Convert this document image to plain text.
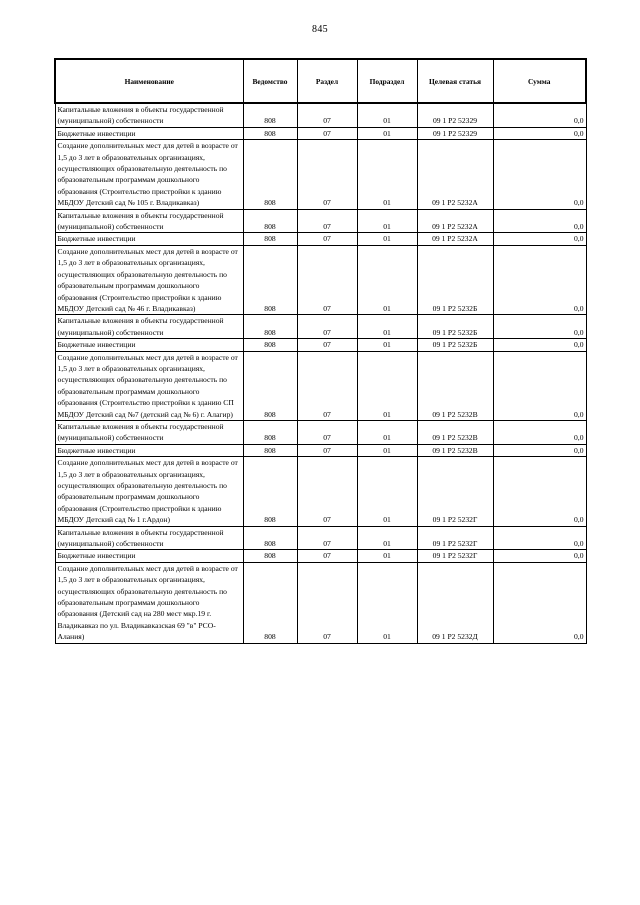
845
Наименование	Ведомство	Раздел	Подраздел	Целевая статья	Сумма
Капитальные вложения в объекты государственной (муниципальной) собственности	808	07	01	09 1 P2 52329	0,0
Бюджетные инвестиции	808	07	01	09 1 P2 52329	0,0
Создание дополнительных мест для детей в возрасте от 1,5 до 3 лет в образовательных организациях, осуществляющих образовательную деятельность по образовательным программам дошкольного образования (Строительство пристройки к зданию МБДОУ Детский сад № 105 г. Владикавказ)	808	07	01	09 1 P2 5232А	0,0
Капитальные вложения в объекты государственной (муниципальной) собственности	808	07	01	09 1 P2 5232А	0,0
Бюджетные инвестиции	808	07	01	09 1 P2 5232А	0,0
Создание дополнительных мест для детей в возрасте от 1,5 до 3 лет в образовательных организациях, осуществляющих образовательную деятельность по образовательным программам дошкольного образования (Строительство пристройки к зданию МБДОУ Детский сад № 46 г. Владикавказ)	808	07	01	09 1 P2 5232Б	0,0
Капитальные вложения в объекты государственной (муниципальной) собственности	808	07	01	09 1 P2 5232Б	0,0
Бюджетные инвестиции	808	07	01	09 1 P2 5232Б	0,0
Создание дополнительных мест для детей в возрасте от 1,5 до 3 лет в образовательных организациях, осуществляющих образовательную деятельность по образовательным программам дошкольного образования (Строительство пристройки к зданию СП МБДОУ Детский сад №7 (детский сад № 6) г. Алагир)	808	07	01	09 1 P2 5232В	0,0
Капитальные вложения в объекты государственной (муниципальной) собственности	808	07	01	09 1 P2 5232В	0,0
Бюджетные инвестиции	808	07	01	09 1 P2 5232В	0,0
Создание дополнительных мест для детей в возрасте от 1,5 до 3 лет в образовательных организациях, осуществляющих образовательную деятельность по образовательным программам дошкольного образования (Строительство пристройки к зданию МБДОУ Детский сад № 1 г.Ардон)	808	07	01	09 1 P2 5232Г	0,0
Капитальные вложения в объекты государственной (муниципальной) собственности	808	07	01	09 1 P2 5232Г	0,0
Бюджетные инвестиции	808	07	01	09 1 P2 5232Г	0,0
Создание дополнительных мест для детей в возрасте от 1,5 до 3 лет в образовательных организациях, осуществляющих образовательную деятельность по образовательным программам дошкольного образования (Детский сад на 280 мест мкр.19 г. Владикавказ по ул. Владикавказская 69 "в" РСО-Алания)	808	07	01	09 1 P2 5232Д	0,0
